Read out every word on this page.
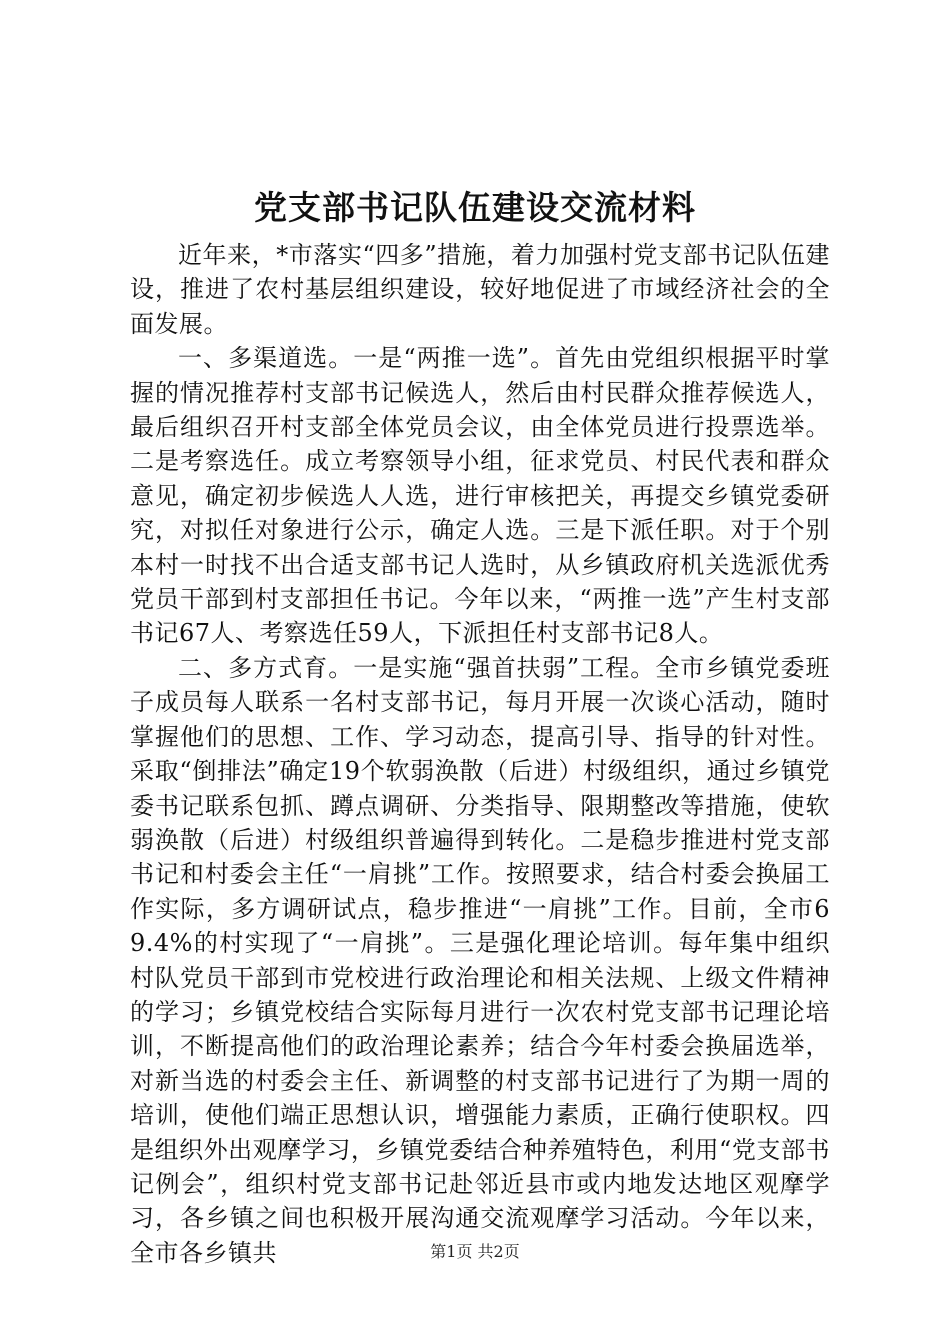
党支部书记队伍建设交流材料

近年来，*市落实“四多”措施，着力加强村党支部书记队伍建设，推进了农村基层组织建设，较好地促进了市域经济社会的全面发展。

一、多渠道选。一是“两推一选”。首先由党组织根据平时掌握的情况推荐村支部书记候选人，然后由村民群众推荐候选人，最后组织召开村支部全体党员会议，由全体党员进行投票选举。二是考察选任。成立考察领导小组，征求党员、村民代表和群众意见，确定初步候选人人选，进行审核把关，再提交乡镇党委研究，对拟任对象进行公示，确定人选。三是下派任职。对于个别本村一时找不出合适支部书记人选时，从乡镇政府机关选派优秀党员干部到村支部担任书记。今年以来，“两推一选”产生村支部书记67人、考察选任59人，下派担任村支部书记8人。

二、多方式育。一是实施“强首扶弱”工程。全市乡镇党委班子成员每人联系一名村支部书记，每月开展一次谈心活动，随时掌握他们的思想、工作、学习动态，提高引导、指导的针对性。采取“倒排法”确定19个软弱涣散（后进）村级组织，通过乡镇党委书记联系包抓、蹲点调研、分类指导、限期整改等措施，使软弱涣散（后进）村级组织普遍得到转化。二是稳步推进村党支部书记和村委会主任“一肩挑”工作。按照要求，结合村委会换届工作实际，多方调研试点，稳步推进“一肩挑”工作。目前，全市69.4%的村实现了“一肩挑”。三是强化理论培训。每年集中组织村队党员干部到市党校进行政治理论和相关法规、上级文件精神的学习；乡镇党校结合实际每月进行一次农村党支部书记理论培训，不断提高他们的政治理论素养；结合今年村委会换届选举，对新当选的村委会主任、新调整的村支部书记进行了为期一周的培训，使他们端正思想认识，增强能力素质，正确行使职权。四是组织外出观摩学习，乡镇党委结合种养殖特色，利用“党支部书记例会”，组织村党支部书记赴邻近县市或内地发达地区观摩学习，各乡镇之间也积极开展沟通交流观摩学习活动。今年以来，全市各乡镇共	第1页 共2页
